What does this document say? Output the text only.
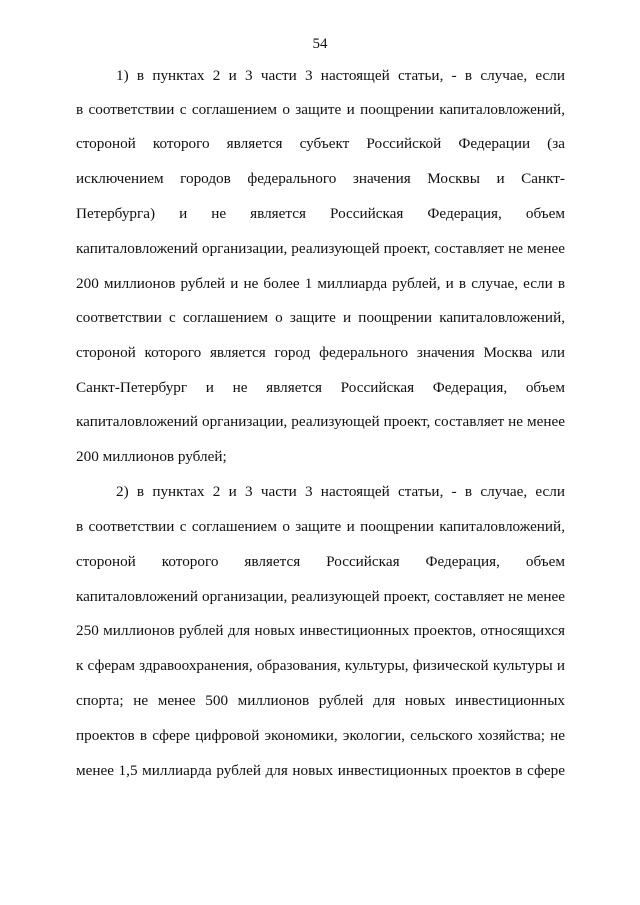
54
1) в пунктах 2 и 3 части 3 настоящей статьи, - в случае, если
в соответствии с соглашением о защите и поощрении капиталовложений,
стороной которого является субъект Российской Федерации (за
исключением городов федерального значения Москвы и Санкт-
Петербурга) и не является Российская Федерация, объем
капиталовложений организации, реализующей проект, составляет не менее
200 миллионов рублей и не более 1 миллиарда рублей, и в случае, если в
соответствии с соглашением о защите и поощрении капиталовложений,
стороной которого является город федерального значения Москва или
Санкт-Петербург и не является Российская Федерация, объем
капиталовложений организации, реализующей проект, составляет не менее
200 миллионов рублей;
2) в пунктах 2 и 3 части 3 настоящей статьи, - в случае, если
в соответствии с соглашением о защите и поощрении капиталовложений,
стороной которого является Российская Федерация, объем
капиталовложений организации, реализующей проект, составляет не менее
250 миллионов рублей для новых инвестиционных проектов, относящихся
к сферам здравоохранения, образования, культуры, физической культуры и
спорта; не менее 500 миллионов рублей для новых инвестиционных
проектов в сфере цифровой экономики, экологии, сельского хозяйства; не
менее 1,5 миллиарда рублей для новых инвестиционных проектов в сфере
